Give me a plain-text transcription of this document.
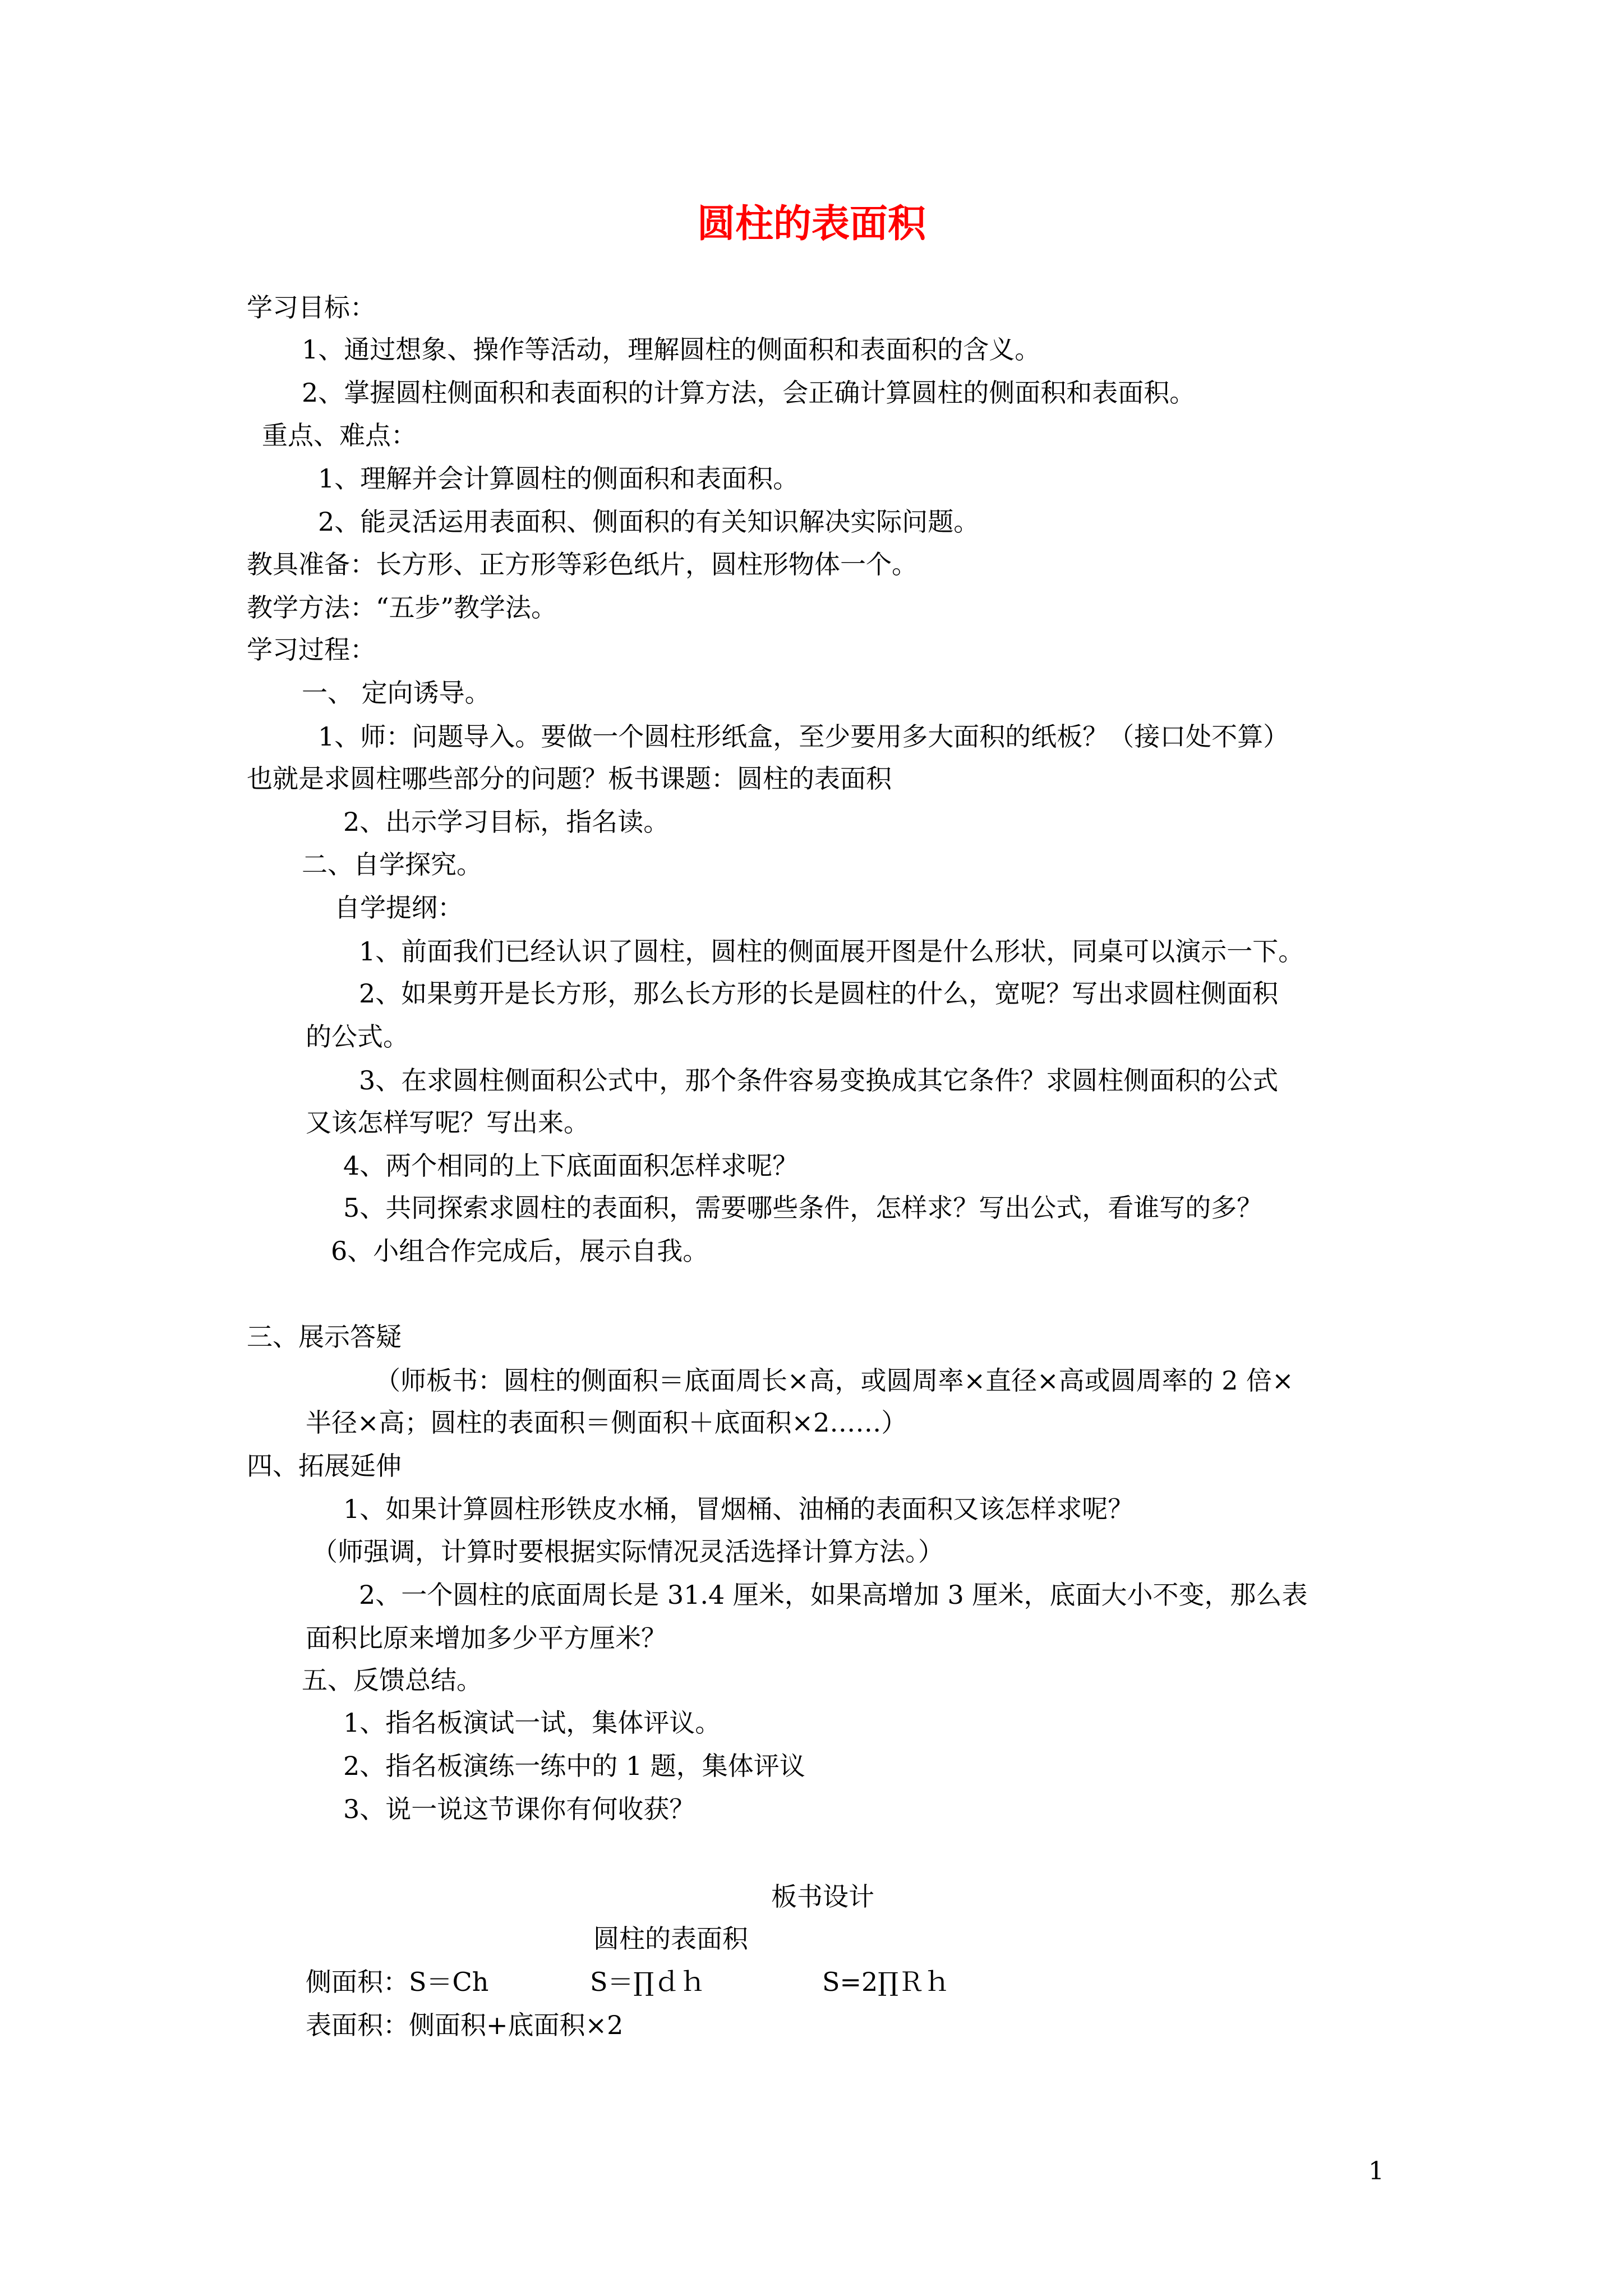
圆柱的表面积
学习目标：
1、通过想象、操作等活动，理解圆柱的侧面积和表面积的含义。
2、掌握圆柱侧面积和表面积的计算方法，会正确计算圆柱的侧面积和表面积。
重点、难点：
1、理解并会计算圆柱的侧面积和表面积。
2、能灵活运用表面积、侧面积的有关知识解决实际问题。
教具准备：长方形、正方形等彩色纸片，圆柱形物体一个。
教学方法：“五步”教学法。
学习过程：
一、 定向诱导。
1、师：问题导入。要做一个圆柱形纸盒，至少要用多大面积的纸板？（接口处不算）
也就是求圆柱哪些部分的问题？板书课题：圆柱的表面积
2、出示学习目标，指名读。
二、自学探究。
自学提纲：
1、前面我们已经认识了圆柱，圆柱的侧面展开图是什么形状，同桌可以演示一下。
2、如果剪开是长方形，那么长方形的长是圆柱的什么，宽呢？写出求圆柱侧面积
的公式。
3、在求圆柱侧面积公式中，那个条件容易变换成其它条件？求圆柱侧面积的公式
又该怎样写呢？写出来。
4、两个相同的上下底面面积怎样求呢？
5、共同探索求圆柱的表面积，需要哪些条件，怎样求？写出公式，看谁写的多？
6、小组合作完成后，展示自我。
三、展示答疑
（师板书：圆柱的侧面积＝底面周长×高，或圆周率×直径×高或圆周率的 2 倍×
半径×高；圆柱的表面积＝侧面积＋底面积×2……）
四、拓展延伸
1、如果计算圆柱形铁皮水桶，冒烟桶、油桶的表面积又该怎样求呢？
（师强调，计算时要根据实际情况灵活选择计算方法。）
2、一个圆柱的底面周长是 31.4 厘米，如果高增加 3 厘米，底面大小不变，那么表
面积比原来增加多少平方厘米？
五、反馈总结。
1、指名板演试一试，集体评议。
2、指名板演练一练中的 1 题，集体评议
3、说一说这节课你有何收获？
板书设计
圆柱的表面积
侧面积：S＝Ch	S＝∏ｄｈ	S=2∏Ｒｈ
表面积：侧面积+底面积×2
1
